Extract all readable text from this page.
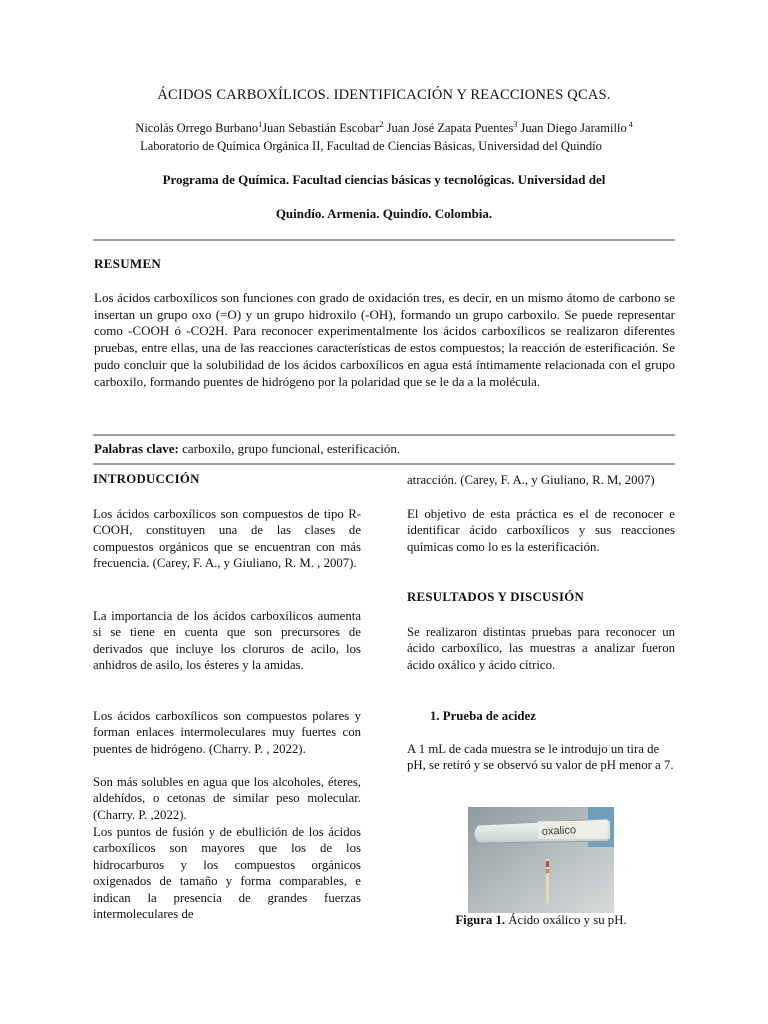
ÁCIDOS CARBOXÍLICOS. IDENTIFICACIÓN Y REACCIONES QCAS.
Nicolás Orrego Burbano$^1$Juan Sebastián Escobar$^2$ Juan José Zapata Puentes$^3$ Juan Diego Jaramillo $^4$
Laboratorio de Química Orgánica II, Facultad de Ciencias Básicas, Universidad del Quindío
Programa de Química. Facultad ciencias básicas y tecnológicas. Universidad del
Quindío. Armenia. Quindío. Colombia.
RESUMEN
Los ácidos carboxílicos son funciones con grado de oxidación tres, es decir, en un mismo átomo de carbono se insertan un grupo oxo (=O) y un grupo hidroxilo (-OH), formando un grupo carboxilo. Se puede representar como -COOH ó -CO2H. Para reconocer experimentalmente los ácidos carboxílicos se realizaron diferentes pruebas, entre ellas, una de las reacciones características de estos compuestos; la reacción de esterificación. Se pudo concluir que la solubilidad de los ácidos carboxílicos en agua está íntimamente relacionada con el grupo carboxilo, formando puentes de hidrógeno por la polaridad que se le da a la molécula.
Palabras clave: carboxilo, grupo funcional, esterificación.
INTRODUCCIÓN
Los ácidos carboxílicos son compuestos de tipo R-COOH, constituyen una de las clases de compuestos orgánicos que se encuentran con más frecuencia. (Carey, F. A., y Giuliano, R. M. , 2007).
La importancia de los ácidos carboxílicos aumenta si se tiene en cuenta que son precursores de derivados que incluye los cloruros de acilo, los anhidros de asilo, los ésteres y la amidas.
Los ácidos carboxílicos son compuestos polares y forman enlaces intermoleculares muy fuertes con puentes de hidrógeno. (Charry. P. , 2022).
Son más solubles en agua que los alcoholes, éteres, aldehídos, o cetonas de similar peso molecular. (Charry. P. ,2022).
Los puntos de fusión y de ebullición de los ácidos carboxílicos son mayores que los de los hidrocarburos y los compuestos orgánicos oxigenados de tamaño y forma comparables, e indican la presencia de grandes fuerzas intermoleculares de
atracción. (Carey, F. A., y Giuliano, R. M, 2007)
El objetivo de esta práctica es el de reconocer e identificar ácido carboxílicos y sus reacciones químicas como lo es la esterificación.
RESULTADOS Y DISCUSIÓN
Se realizaron distintas pruebas para reconocer un ácido carboxílico, las muestras a analizar fueron ácido oxálico y ácido cítrico.
1. Prueba de acidez
A 1 mL de cada muestra se le introdujo un tira de pH, se retiró y se observó su valor de pH menor a 7.
oxalico
Figura 1. Ácido oxálico y su pH.
